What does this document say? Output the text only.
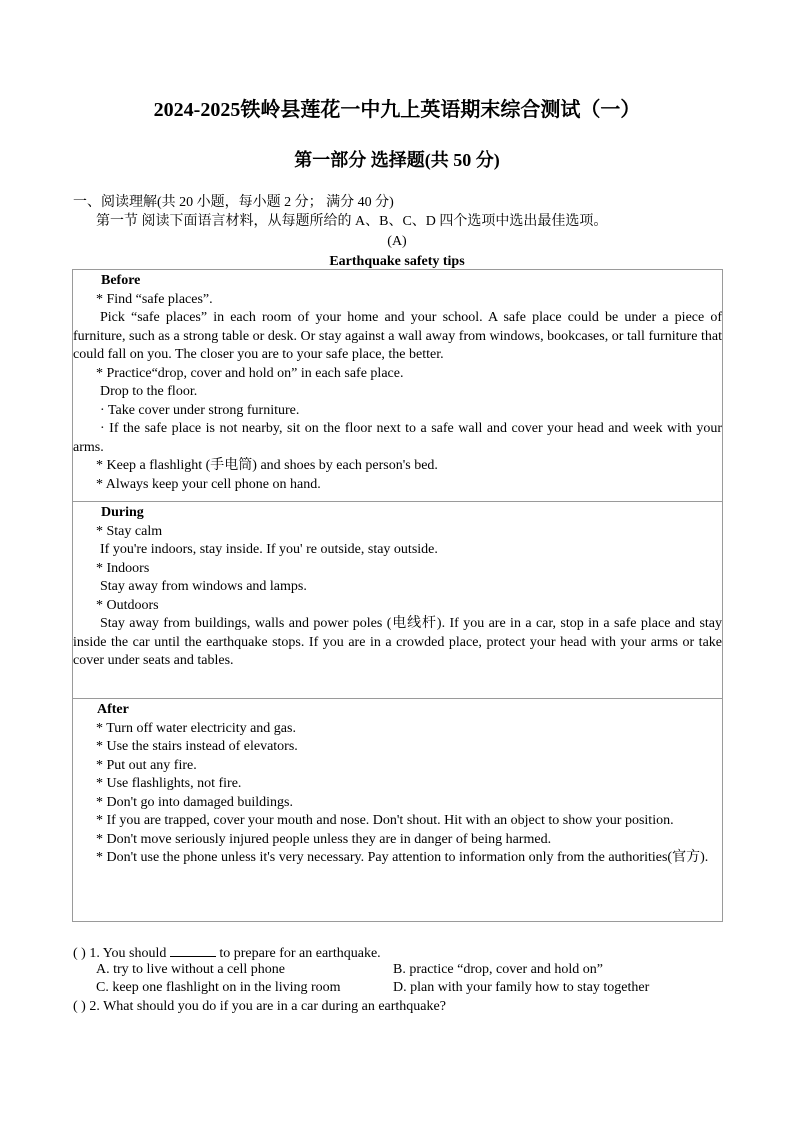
2024-2025铁岭县莲花一中九上英语期末综合测试（一）
第一部分 选择题(共 50 分)
一、阅读理解(共 20 小题，每小题 2 分； 满分 40 分)
第一节 阅读下面语言材料，从每题所给的 A、B、C、D 四个选项中选出最佳选项。
(A)
Earthquake safety tips

Before

* Find “safe places”.

Pick “safe places” in each room of your home and your school. A safe place could be under a piece of furniture, such as a strong table or desk. Or stay against a wall away from windows, bookcases, or tall furniture that could fall on you. The closer you are to your safe place, the better.

* Practice“drop, cover and hold on” in each safe place.

Drop to the floor.

· Take cover under strong furniture.

· If the safe place is not nearby, sit on the floor next to a safe wall and cover your head and week with your arms.

* Keep a flashlight (手电筒) and shoes by each person's bed.

* Always keep your cell phone on hand.

During

* Stay calm

If you're indoors, stay inside. If you' re outside, stay outside.

* Indoors

Stay away from windows and lamps.

* Outdoors

Stay away from buildings, walls and power poles (电线杆). If you are in a car, stop in a safe place and stay inside the car until the earthquake stops. If you are in a crowded place, protect your head with your arms or take cover under seats and tables.

After

* Turn off water electricity and gas.

* Use the stairs instead of elevators.

* Put out any fire.

* Use flashlights, not fire.

* Don't go into damaged buildings.

* If you are trapped, cover your mouth and nose. Don't shout. Hit with an object to show your position.

* Don't move seriously injured people unless they are in danger of being harmed.

* Don't use the phone unless it's very necessary. Pay attention to information only from the authorities(官方).

( ) 1. You should	to prepare for an earthquake.
A. try to live without a cell phone	B. practice “drop, cover and hold on”
C. keep one flashlight on in the living room	D. plan with your family how to stay together
( ) 2. What should you do if you are in a car during an earthquake?
